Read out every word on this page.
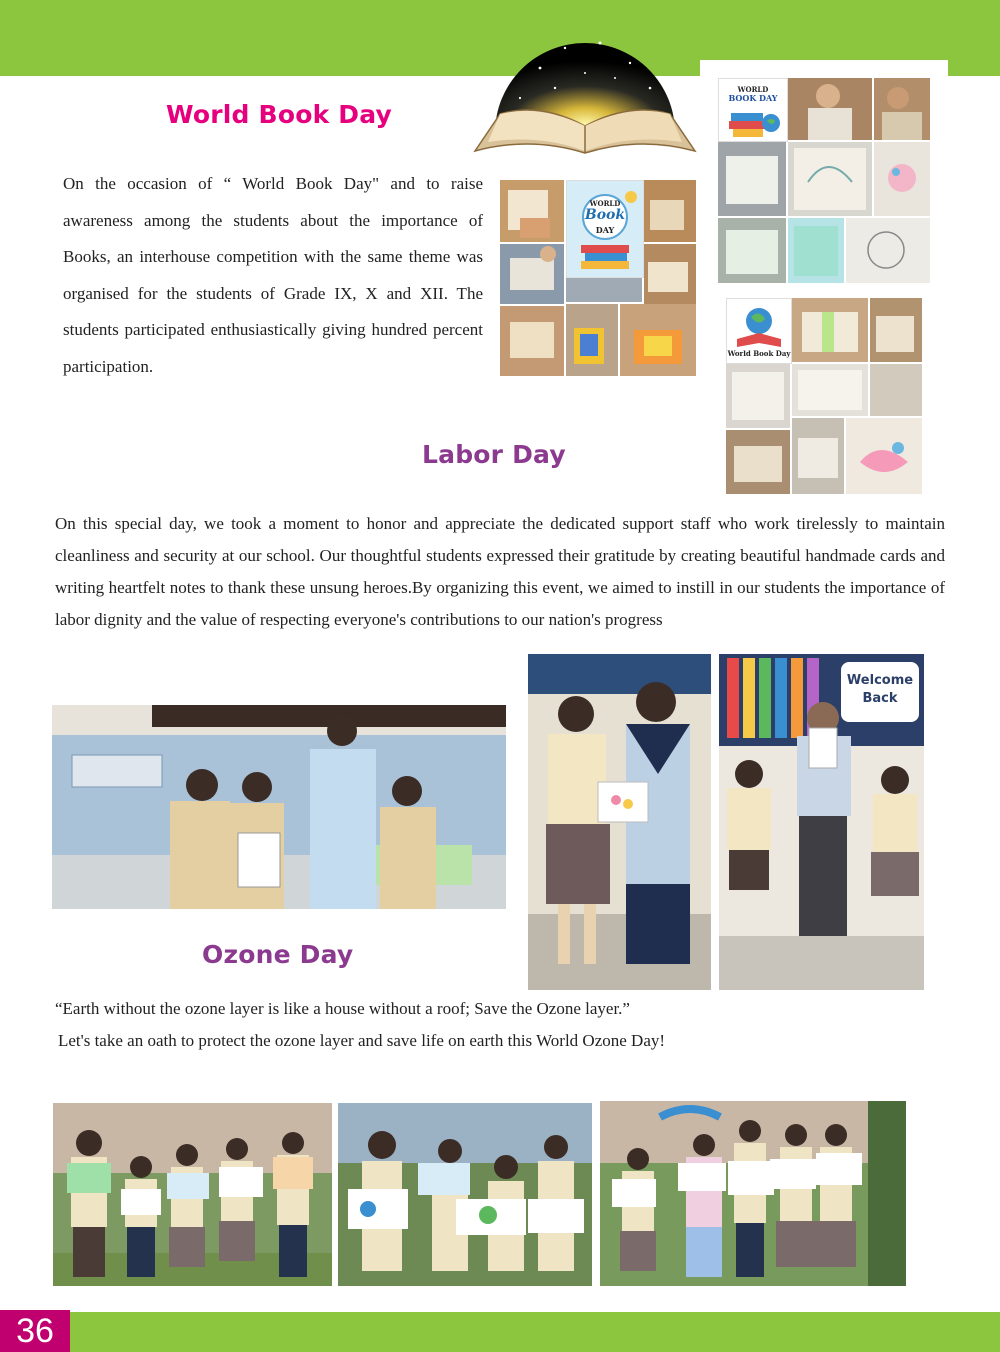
36
World Book Day
On the occasion of “ World Book Day" and to raise awareness among the students about the importance of Books, an interhouse competition with the same theme was organised for the students of Grade IX, X and XII. The students participated enthusiastically giving hundred percent participation.
WORLD
Book
DAY
WORLD
BOOK DAY
World Book Day
Labor Day
On this special day, we took a moment to honor and appreciate the dedicated support staff who work tirelessly to maintain cleanliness and security at our school. Our thoughtful students expressed their gratitude by creating beautiful handmade cards and writing heartfelt notes to thank these unsung heroes.By organizing this event, we aimed to instill in our students the importance of labor dignity and the value of respecting everyone's contributions to our nation's progress
Welcome Back
Ozone Day
“Earth without the ozone layer is like a house without a roof; Save the Ozone layer.”
Let's take an oath to protect the ozone layer and save life on earth this World Ozone Day!
